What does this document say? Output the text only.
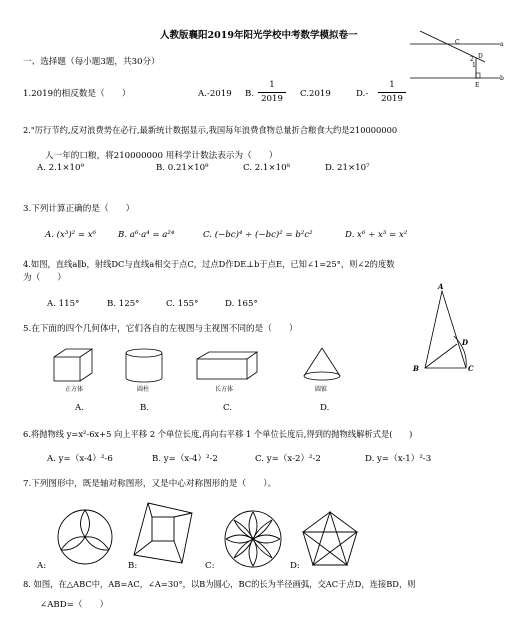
人教版襄阳2019年阳光学校中考数学模拟卷一
C	a
2 D
1
b
E
一、选择题（每小题3题，共30分）
1.2019的相反数是（　　）	A.-2019 B.
1
2019	C.2019	D.-
1
2019
2."厉行节约,反对浪费势在必行,最新统计数据显示,我国每年浪费食物总量折合粮食大约是210000000
人一年的口粮，将210000000 用科学计数法表示为（　　）
A. 2.1×10⁹	B. 0.21×10⁹	C. 2.1×10⁸	D. 21×10⁷
3.下列计算正确的是（　　）
A. (x³)² = x⁶	B. a⁶·a⁴ = a²⁴	C. (−bc)⁴ ÷ (−bc)² = b²c²	D. x⁶ ÷ x³ = x²
4.如图，直线a∥b，射线DC与直线a相交于点C，过点D作DE⊥b于点E，已知∠1=25°，则∠2的度数
为（　　）
A. 115°	B. 125°	C. 155°	D. 165°
A
D
B	C
5.在下面的四个几何体中，它们各自的左视图与主视图不同的是（　　）
正方体
A.
圆柱
B.
长方体
C.
圆锥
D.
6.将抛物线 y=x²-6x+5 向上平移 2 个单位长度,再向右平移 1 个单位长度后,得到的抛物线解析式是(　　)
A. y=（x-4）²-6	B. y=（x-4）²-2	C. y=（x-2）²-2	D. y=（x-1）²-3
7.下列图形中，既是轴对称图形，又是中心对称图形的是（　　）。
A:	B:	C:	D:
8. 如图，在△ABC中，AB=AC，∠A=30°，以B为圆心，BC的长为半径画弧，交AC于点D，连接BD，则
∠ABD=（　　）
